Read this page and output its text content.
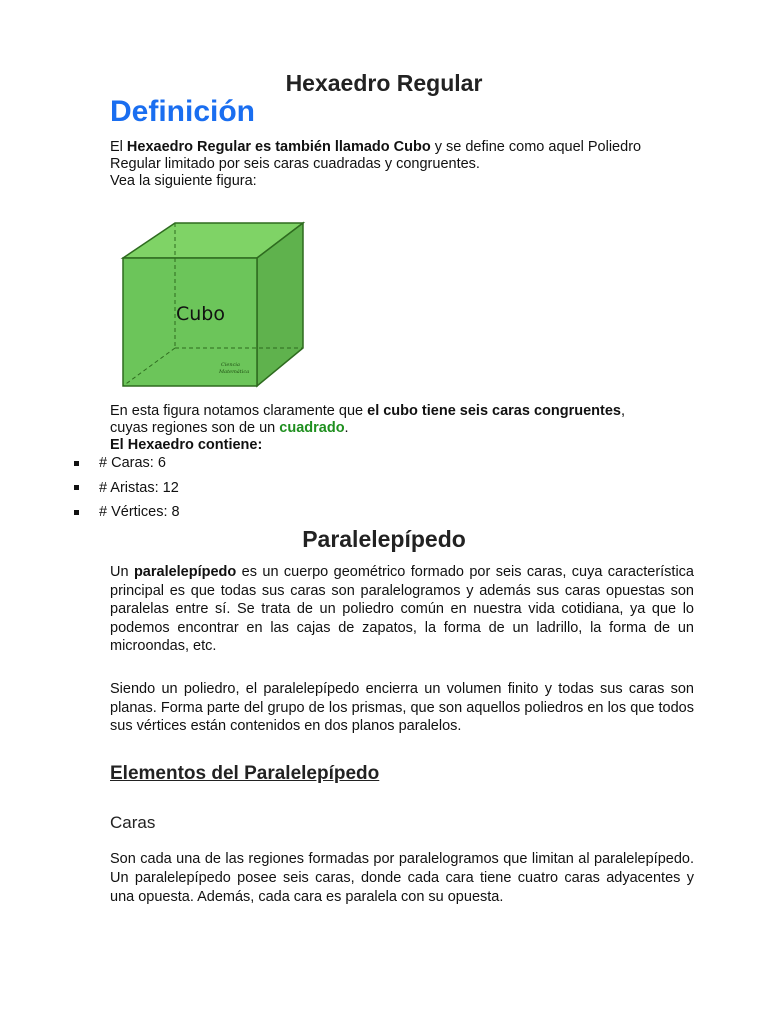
Hexaedro Regular
Definición
El Hexaedro Regular es también llamado Cubo y se define como aquel Poliedro
Regular limitado por seis caras cuadradas y congruentes.
Vea la siguiente figura:
Cubo
Ciencia
Matemática
En esta figura notamos claramente que el cubo tiene seis caras congruentes,
cuyas regiones son de un cuadrado.
El Hexaedro contiene:
# Caras: 6
# Aristas: 12
# Vértices: 8
Paralelepípedo
Un paralelepípedo es un cuerpo geométrico formado por seis caras, cuya característica principal es que todas sus caras son paralelogramos y además sus caras opuestas son paralelas entre sí. Se trata de un poliedro común en nuestra vida cotidiana, ya que lo podemos encontrar en las cajas de zapatos, la forma de un ladrillo, la forma de un microondas, etc.
Siendo un poliedro, el paralelepípedo encierra un volumen finito y todas sus caras son planas. Forma parte del grupo de los prismas, que son aquellos poliedros en los que todos sus vértices están contenidos en dos planos paralelos.
Elementos del Paralelepípedo
Caras
Son cada una de las regiones formadas por paralelogramos que limitan al paralelepípedo. Un paralelepípedo posee seis caras, donde cada cara tiene cuatro caras adyacentes y una opuesta. Además, cada cara es paralela con su opuesta.
